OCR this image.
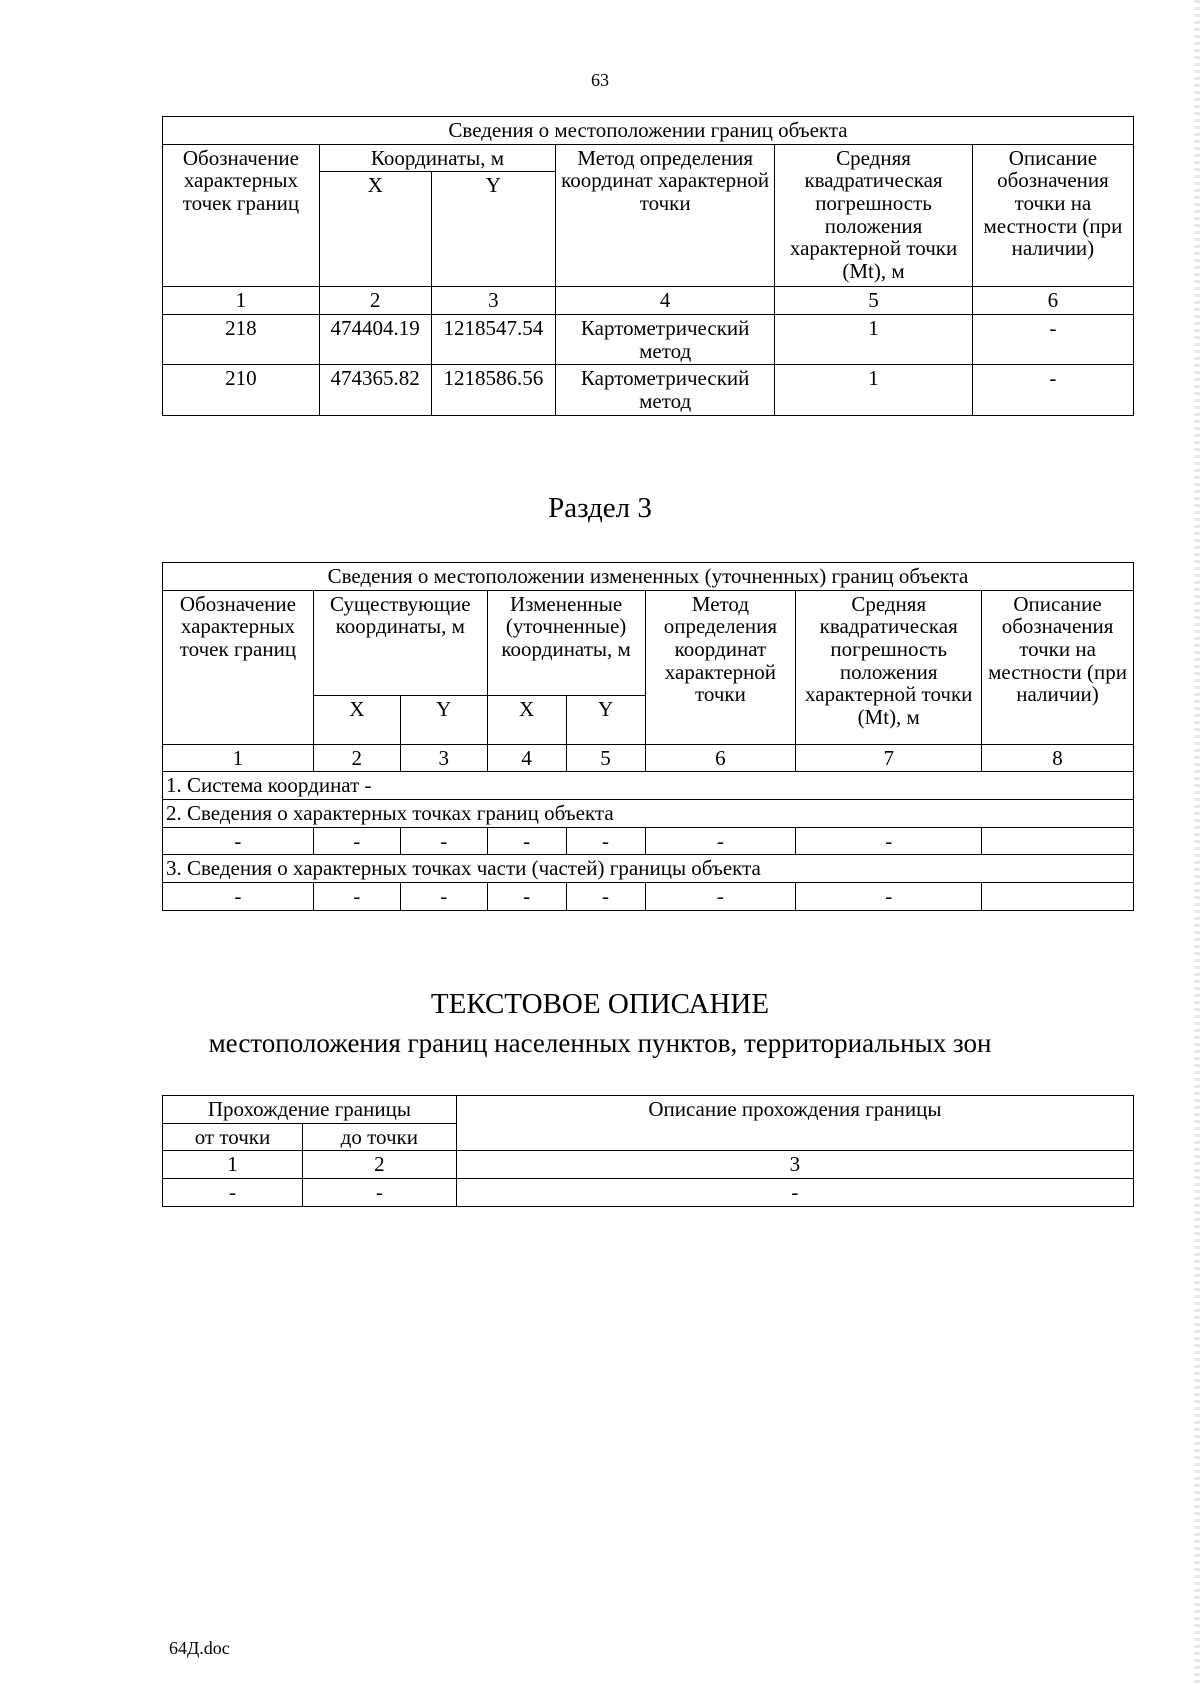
63
Сведения о местоположении границ объекта					
Обозначение характерных точек границ	Координаты, м		Метод определения координат характерной точки	Средняя квадратическая погрешность положения характерной точки (Mt), м	Описание обозначения точки на местности (при наличии)
	X	Y			
1	2	3	4	5	6
218	474404.19	1218547.54	Картометрический метод	1	-
210	474365.82	1218586.56	Картометрический метод	1	-
Раздел 3
Сведения о местоположении измененных (уточненных) границ объекта							
Обозначение характерных точек границ	Существующие координаты, м		Измененные (уточненные) координаты, м		Метод определения координат характерной точки	Средняя квадратическая погрешность положения характерной точки (Mt), м	Описание обозначения точки на местности (при наличии)
	X	Y	X	Y			
1	2	3	4	5	6	7	8
1. Система координат -							
2. Сведения о характерных точках границ объекта							
-	-	-	-	-	-	-	
3. Сведения о характерных точках части (частей) границы объекта							
-	-	-	-	-	-	-	
ТЕКСТОВОЕ ОПИСАНИЕ
местоположения границ населенных пунктов, территориальных зон
Прохождение границы		Описание прохождения границы
от точки	до точки	
1	2	3
-	-	-
64Д.doc
